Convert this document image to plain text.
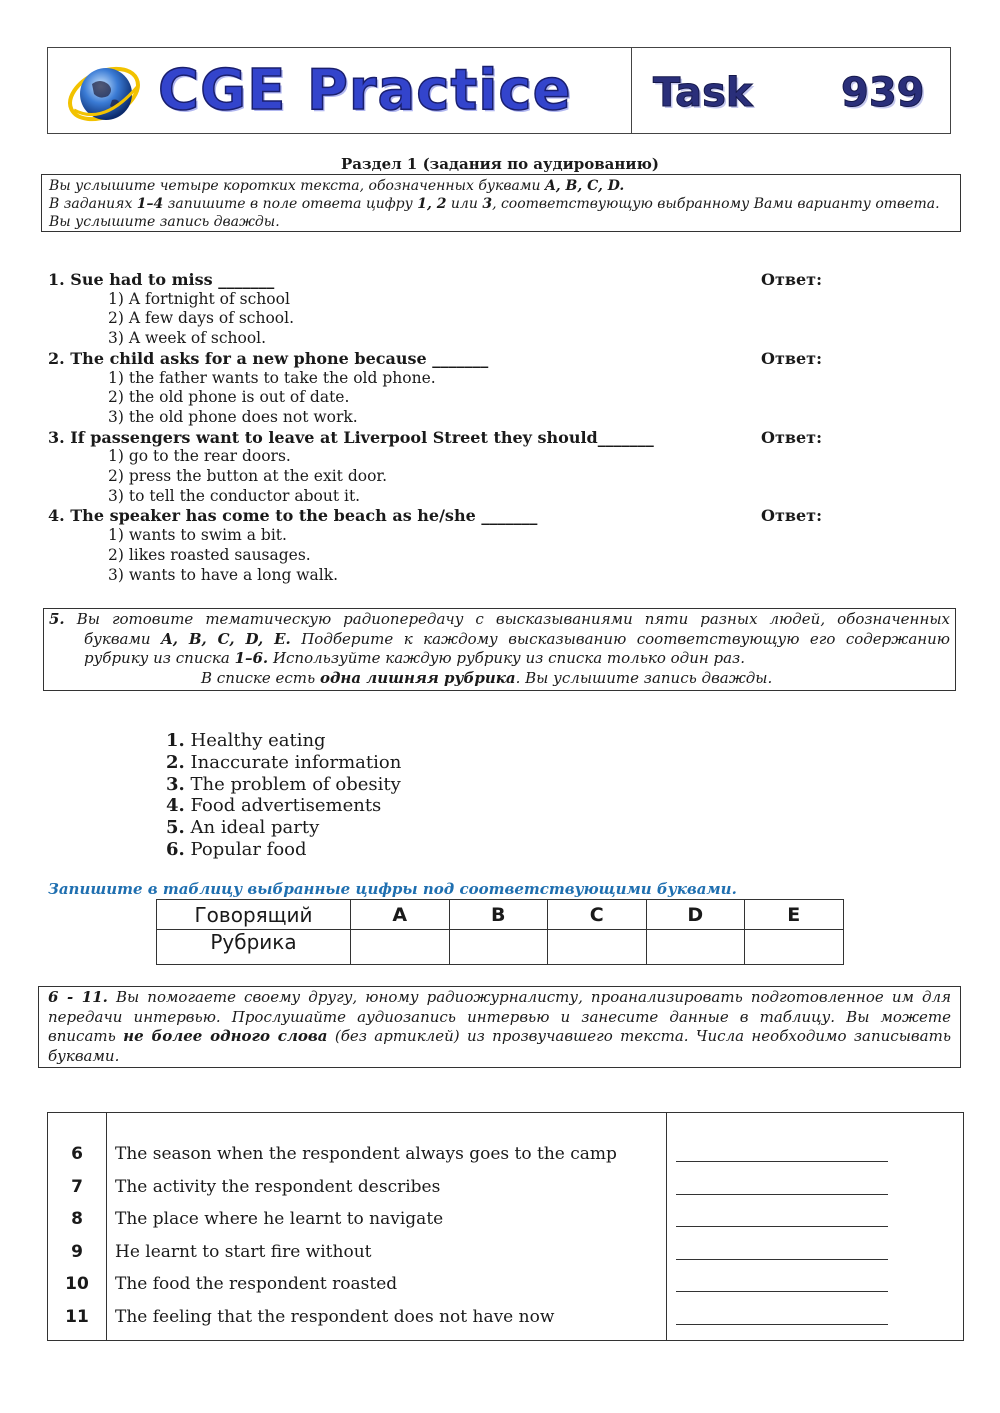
CGE Practice Task 939
Раздел 1 (задания по аудированию)
Вы услышите четыре коротких текста, обозначенных буквами A, B, C, D.
В заданиях 1–4 запишите в поле ответа цифру 1, 2 или 3, соответствующую выбранному Вами варианту ответа.
Вы услышите запись дважды.
1. Sue had to miss _______	Ответ:
1) A fortnight of school
2) A few days of school.
3) A week of school.
2. The child asks for a new phone because _______	Ответ:
1) the father wants to take the old phone.
2) the old phone is out of date.
3) the old phone does not work.
3. If passengers want to leave at Liverpool Street they should_______	Ответ:
1) go to the rear doors.
2) press the button at the exit door.
3) to tell the conductor about it.
4. The speaker has come to the beach as he/she _______	Ответ:
1) wants to swim a bit.
2) likes roasted sausages.
3) wants to have a long walk.
5. Вы готовите тематическую радиопередачу с высказываниями пяти разных людей, обозначенных
буквами A, B, C, D, E. Подберите к каждому высказыванию соответствующую его содержанию
рубрику из списка 1–6. Используйте каждую рубрику из списка только один раз.
В списке есть одна лишняя рубрика. Вы услышите запись дважды.
1. Healthy eating
2. Inaccurate information
3. The problem of obesity
4. Food advertisements
5. An ideal party
6. Popular food
Запишите в таблицу выбранные цифры под соответствующими буквами.
Говорящий	A	B	C	D	E
Рубрика					
6 - 11. Вы помогаете своему другу, юному радиожурналисту, проанализировать подготовленное им для
передачи интервью. Прослушайте аудиозапись интервью и занесите данные в таблицу. Вы можете
вписать не более одного слова (без артиклей) из прозвучавшего текста. Числа необходимо записывать
буквами.
6	The season when the respondent always goes to the camp
7	The activity the respondent describes
8	The place where he learnt to navigate
9	He learnt to start fire without
10	The food the respondent roasted
11	The feeling that the respondent does not have now
